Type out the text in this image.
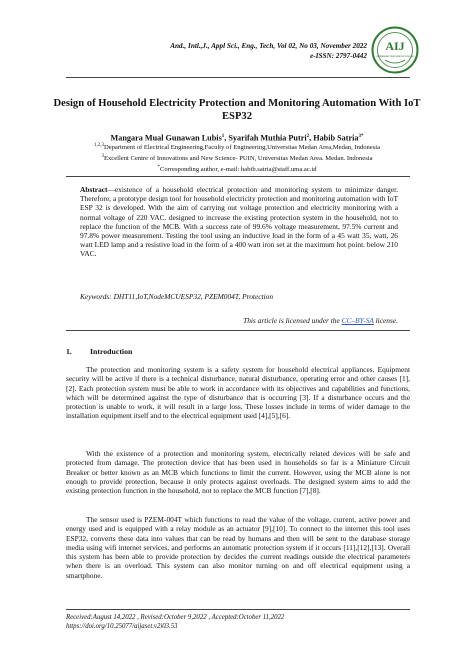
And., Intl.,J., Appl Sci., Eng., Tech, Vol 02, No 03, November 2022
e-ISSN: 2797-0442
AIJ
Andalasian International Journal
Design of Household Electricity Protection and Monitoring Automation With IoT ESP32
Mangara Mual Gunawan Lubis$^1$, Syarifah Muthia Putri$^2$, Habib Satria$^{3*}$
$^{1,2,3}$Department of Electrical Engineering,Faculty of Engineering,Universitas Medan Area,Medan, Indonesia
$^3$Excellent Centre of Innovations and New Science- PUIN, Universitas Medan Area. Medan. Indonesia
*Corresponding author, e-mail: habib.satria@staff.uma.ac.id
Abstract—existence of a household electrical protection and monitoring system to minimize danger. Therefore, a prototype design tool for household electricity protection and monitoring automation with IoT ESP 32 is developed. With the aim of carrying out voltage protection and electricity monitoring with a normal voltage of 220 VAC. designed to increase the existing protection system in the household, not to replace the function of the MCB. With a success rate of 99.6% voltage measurement, 97.5% current and 97.8% power measurement. Testing the tool using an inductive load in the form of a 45 watt 35, watt, 26 watt LED lamp and a resistive load in the form of a 400 watt iron set at the maximum hot point. below 210 VAC.
Keywords: DHT11,IoT,NodeMCUESP32, PZEM004T, Protection
This article is licensed under the CC–BY-SA license.
1. Introduction

The protection and monitoring system is a safety system for household electrical appliances. Equipment security will be active if there is a technical disturbance, natural disturbance, operating error and other causes [1],[2]. Each protection system must be able to work in accordance with its objectives and capabilities and functions, which will be determined against the type of disturbance that is occurring [3]. If a disturbance occurs and the protection is unable to work, it will result in a large loss. These losses include in terms of wider damage to the installation equipment itself and to the electrical equipment used [4],[5],[6].

With the existence of a protection and monitoring system, electrically related devices will be safe and protected from damage. The protection device that has been used in households so far is a Miniature Circuit Breaker or better known as an MCB which functions to limit the current. However, using the MCB alone is not enough to provide protection, because it only protects against overloads. The designed system aims to add the existing protection function in the household, not to replace the MCB function [7],[8].

The sensor used is PZEM-004T which functions to read the value of the voltage, current, active power and energy used and is equipped with a relay module as an actuator [9],[10]. To connect to the internet this tool uses ESP32, converts these data into values that can be read by humans and then will be sent to the database storage media using wifi internet services, and performs an automatic protection system if it occurs [11],[12],[13]. Overall this system has been able to provide protection by decides the current readings outside the electrical parameters when there is an overload. This system can also monitor turning on and off electrical equipment using a smartphone.

Received:August 14,2022 , Revised:October 9,2022 , Accepted:October 11,2022
https://doi.org/10.25077/aijaset.v2i03.53
